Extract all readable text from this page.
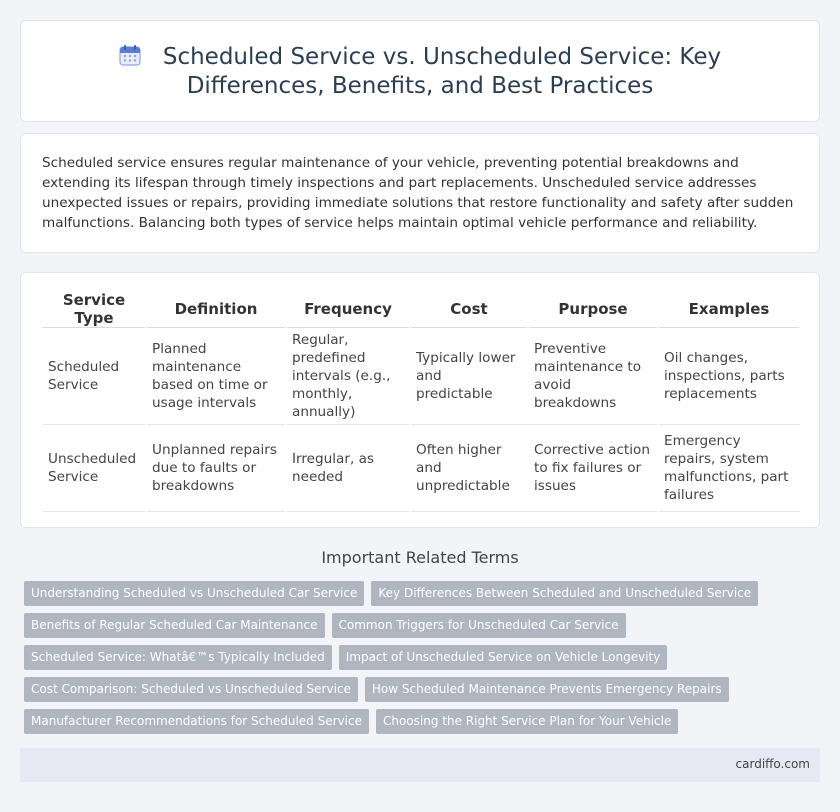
Scheduled Service vs. Unscheduled Service: Key Differences, Benefits, and Best Practices

Scheduled service ensures regular maintenance of your vehicle, preventing potential breakdowns and extending its lifespan through timely inspections and part replacements. Unscheduled service addresses unexpected issues or repairs, providing immediate solutions that restore functionality and safety after sudden malfunctions. Balancing both types of service helps maintain optimal vehicle performance and reliability.

Service Type	Definition	Frequency	Cost	Purpose	Examples
Scheduled Service	Planned maintenance based on time or usage intervals	Regular, predefined intervals (e.g., monthly, annually)	Typically lower and predictable	Preventive maintenance to avoid breakdowns	Oil changes, inspections, parts replacements
Unscheduled Service	Unplanned repairs due to faults or breakdowns	Irregular, as needed	Often higher and unpredictable	Corrective action to fix failures or issues	Emergency repairs, system malfunctions, part failures
Important Related Terms
Understanding Scheduled vs Unscheduled Car Service	Key Differences Between Scheduled and Unscheduled Service
Benefits of Regular Scheduled Car Maintenance	Common Triggers for Unscheduled Car Service
Scheduled Service: Whatâ€™s Typically Included	Impact of Unscheduled Service on Vehicle Longevity
Cost Comparison: Scheduled vs Unscheduled Service	How Scheduled Maintenance Prevents Emergency Repairs
Manufacturer Recommendations for Scheduled Service	Choosing the Right Service Plan for Your Vehicle
cardiffo.com
